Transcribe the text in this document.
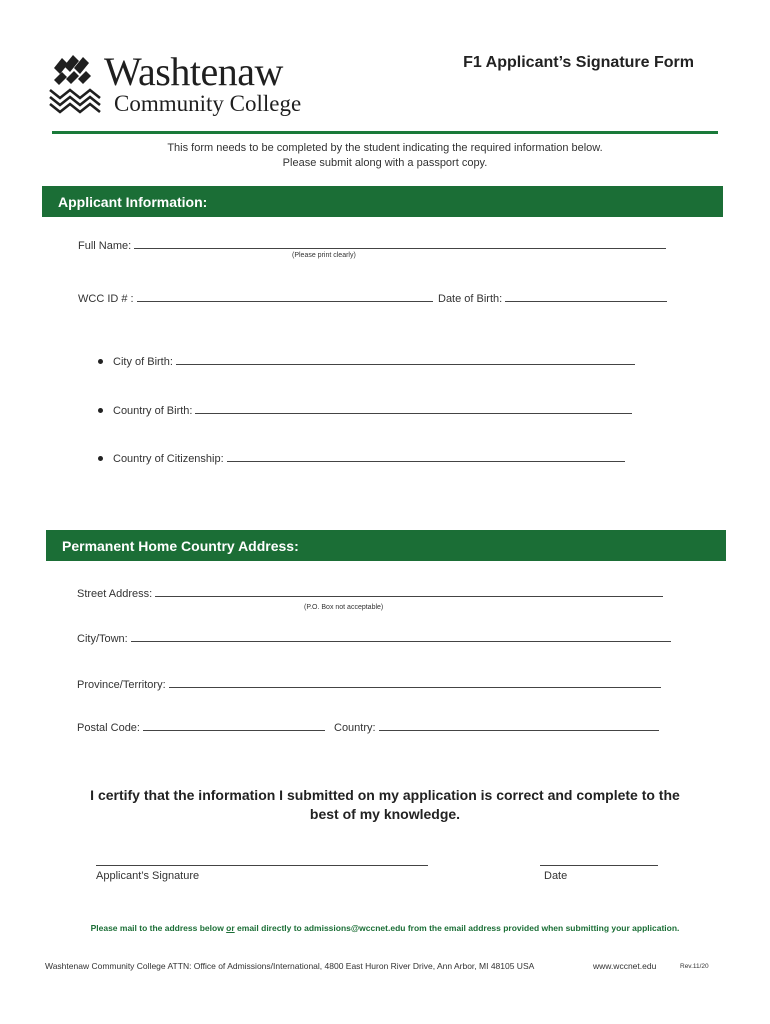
Washtenaw
Community College
F1 Applicant’s Signature Form
This form needs to be completed by the student indicating the required information below.
Please submit along with a passport copy.
Applicant Information:
Full Name:
(Please print clearly)
WCC ID # :	Date of Birth:
City of Birth:
Country of Birth:
Country of Citizenship:
Permanent Home Country Address:
Street Address:
(P.O. Box not acceptable)
City/Town:
Province/Territory:
Postal Code:	Country:
I certify that the information I submitted on my application is correct and complete to the
best of my knowledge.
Applicant’s Signature	Date
Please mail to the address below or email directly to admissions@wccnet.edu from the email address provided when submitting your application.
Washtenaw Community College ATTN: Office of Admissions/International, 4800 East Huron River Drive, Ann Arbor, MI 48105 USA	www.wccnet.edu	Rev.11/20
